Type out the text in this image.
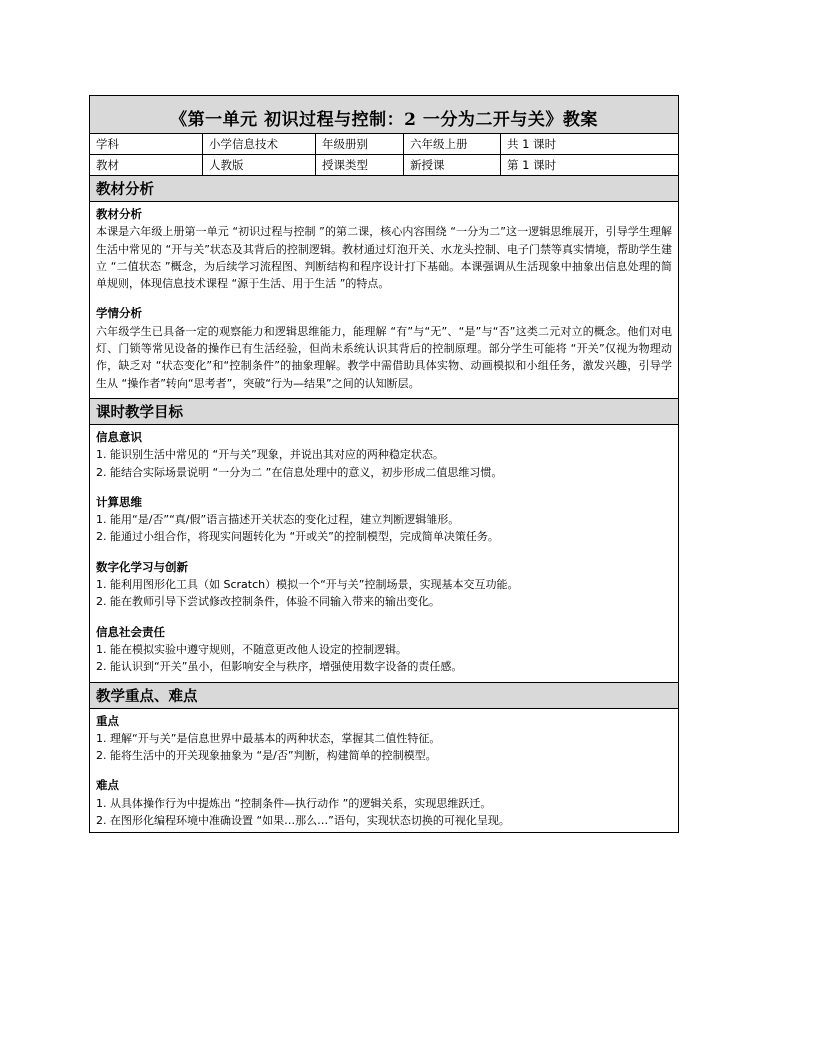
《第一单元 初识过程与控制：2 一分为二开与关》教案
学科	小学信息技术	年级册别	六年级上册	共 1 课时
教材	人教版	授课类型	新授课	第 1 课时
教材分析
教材分析
本课是六年级上册第一单元 “初识过程与控制 ”的第二课，核心内容围绕 “一分为二”这一逻辑思维展开，引导学生理解生活中常见的 “开与关”状态及其背后的控制逻辑。教材通过灯泡开关、水龙头控制、电子门禁等真实情境，帮助学生建立 “二值状态 ”概念，为后续学习流程图、判断结构和程序设计打下基础。本课强调从生活现象中抽象出信息处理的简单规则，体现信息技术课程 “源于生活、用于生活 ”的特点。
学情分析
六年级学生已具备一定的观察能力和逻辑思维能力，能理解 “有”与“无”、“是”与“否”这类二元对立的概念。他们对电灯、门锁等常见设备的操作已有生活经验，但尚未系统认识其背后的控制原理。部分学生可能将 “开关”仅视为物理动作，缺乏对 “状态变化”和“控制条件”的抽象理解。教学中需借助具体实物、动画模拟和小组任务，激发兴趣，引导学生从 “操作者”转向“思考者”，突破“行为—结果”之间的认知断层。
课时教学目标
信息意识
1. 能识别生活中常见的 “开与关”现象，并说出其对应的两种稳定状态。
2. 能结合实际场景说明 “一分为二 ”在信息处理中的意义，初步形成二值思维习惯。
计算思维
1. 能用“是/否”“真/假”语言描述开关状态的变化过程，建立判断逻辑雏形。
2. 能通过小组合作，将现实问题转化为 “开或关”的控制模型，完成简单决策任务。
数字化学习与创新
1. 能利用图形化工具（如 Scratch）模拟一个“开与关”控制场景，实现基本交互功能。
2. 能在教师引导下尝试修改控制条件，体验不同输入带来的输出变化。
信息社会责任
1. 能在模拟实验中遵守规则，不随意更改他人设定的控制逻辑。
2. 能认识到“开关”虽小，但影响安全与秩序，增强使用数字设备的责任感。
教学重点、难点
重点
1. 理解“开与关”是信息世界中最基本的两种状态，掌握其二值性特征。
2. 能将生活中的开关现象抽象为 “是/否”判断，构建简单的控制模型。
难点
1. 从具体操作行为中提炼出 “控制条件—执行动作 ”的逻辑关系，实现思维跃迁。
2. 在图形化编程环境中准确设置 “如果…那么…”语句，实现状态切换的可视化呈现。
